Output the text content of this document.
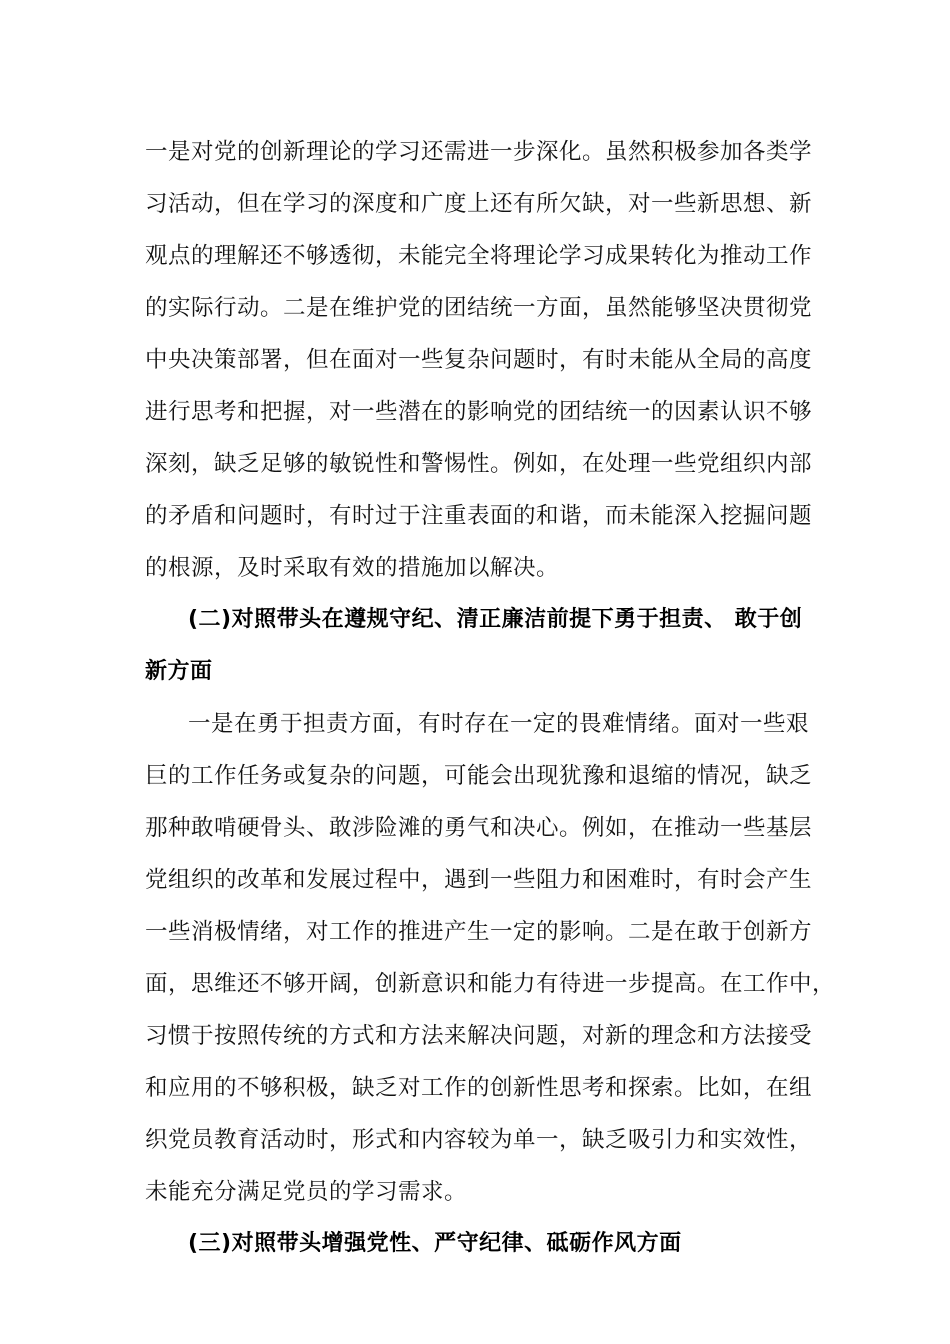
一是对党的创新理论的学习还需进一步深化。虽然积极参加各类学
习活动，但在学习的深度和广度上还有所欠缺，对一些新思想、新
观点的理解还不够透彻，未能完全将理论学习成果转化为推动工作
的实际行动。二是在维护党的团结统一方面，虽然能够坚决贯彻党
中央决策部署，但在面对一些复杂问题时，有时未能从全局的高度
进行思考和把握，对一些潜在的影响党的团结统一的因素认识不够
深刻，缺乏足够的敏锐性和警惕性。例如，在处理一些党组织内部
的矛盾和问题时，有时过于注重表面的和谐，而未能深入挖掘问题
的根源，及时采取有效的措施加以解决。
(二)对照带头在遵规守纪、清正廉洁前提下勇于担责、 敢于创
新方面
一是在勇于担责方面，有时存在一定的畏难情绪。面对一些艰
巨的工作任务或复杂的问题，可能会出现犹豫和退缩的情况，缺乏
那种敢啃硬骨头、敢涉险滩的勇气和决心。例如，在推动一些基层
党组织的改革和发展过程中，遇到一些阻力和困难时，有时会产生
一些消极情绪，对工作的推进产生一定的影响。二是在敢于创新方
面，思维还不够开阔，创新意识和能力有待进一步提高。在工作中，
习惯于按照传统的方式和方法来解决问题，对新的理念和方法接受
和应用的不够积极，缺乏对工作的创新性思考和探索。比如，在组
织党员教育活动时，形式和内容较为单一，缺乏吸引力和实效性，
未能充分满足党员的学习需求。
(三)对照带头增强党性、严守纪律、砥砺作风方面
